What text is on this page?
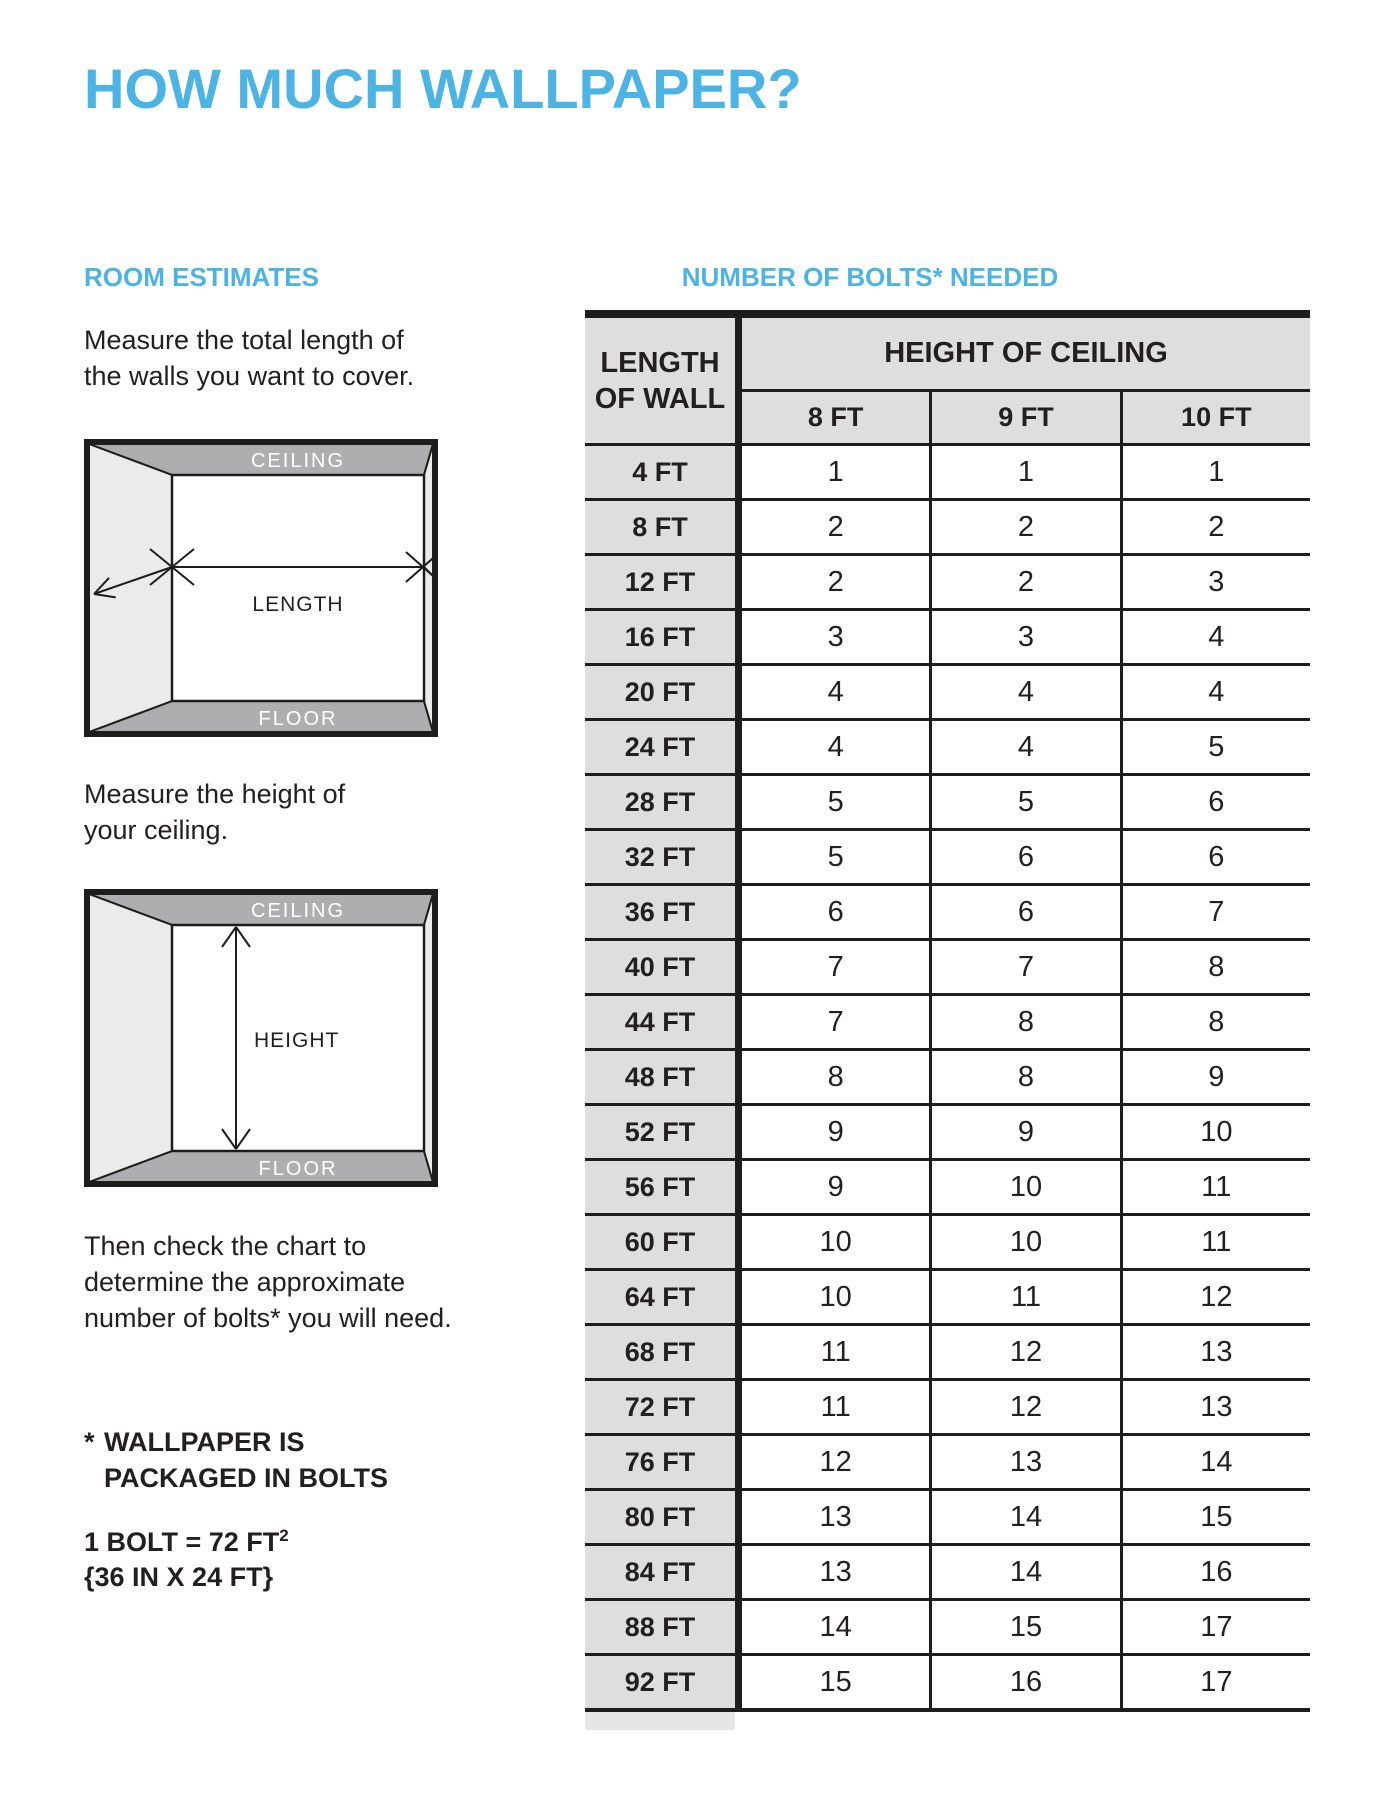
HOW MUCH WALLPAPER?
ROOM ESTIMATES
Measure the total length of
the walls you want to cover.
CEILING
FLOOR
LENGTH
Measure the height of
your ceiling.
CEILING
FLOOR
HEIGHT
Then check the chart to
determine the approximate
number of bolts* you will need.
* WALLPAPER IS
PACKAGED IN BOLTS
1 BOLT = 72 $FT^2$
{36 IN X 24 FT}
NUMBER OF BOLTS* NEEDED
LENGTH
OF WALL
HEIGHT OF CEILING
8 FT	9 FT	10 FT
4 FT	1	1	1
8 FT	2	2	2
12 FT	2	2	3
16 FT	3	3	4
20 FT	4	4	4
24 FT	4	4	5
28 FT	5	5	6
32 FT	5	6	6
36 FT	6	6	7
40 FT	7	7	8
44 FT	7	8	8
48 FT	8	8	9
52 FT	9	9	10
56 FT	9	10	11
60 FT	10	10	11
64 FT	10	11	12
68 FT	11	12	13
72 FT	11	12	13
76 FT	12	13	14
80 FT	13	14	15
84 FT	13	14	16
88 FT	14	15	17
92 FT	15	16	17
